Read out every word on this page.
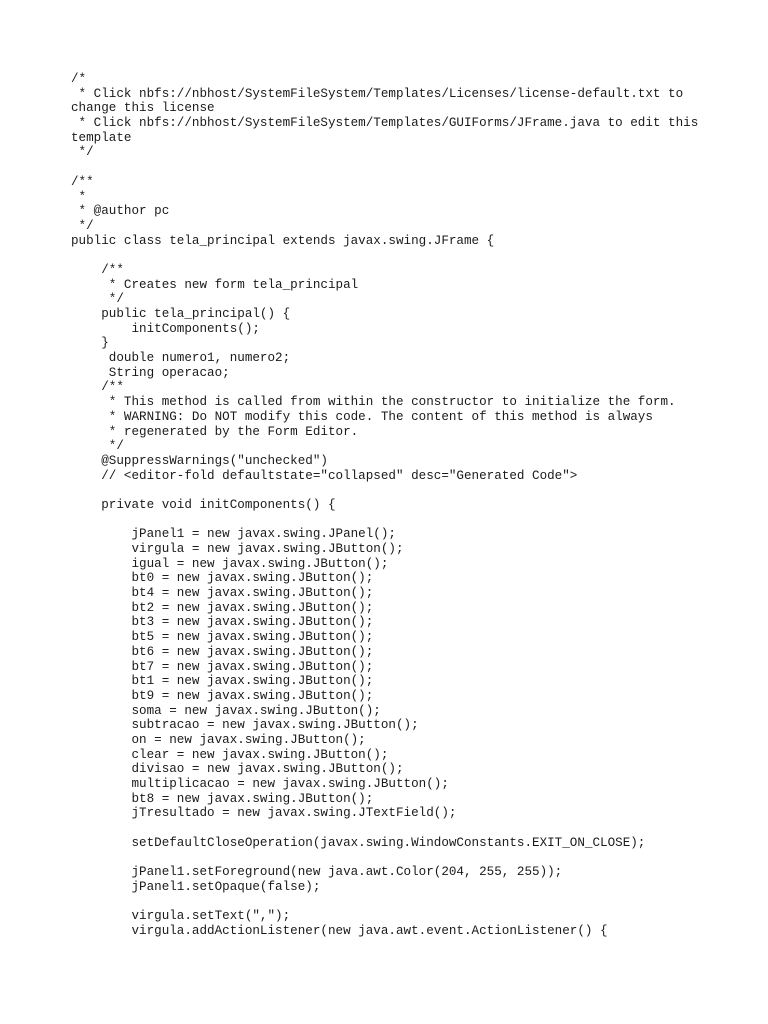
/*
* Click nbfs://nbhost/SystemFileSystem/Templates/Licenses/license-default.txt to
change this license
* Click nbfs://nbhost/SystemFileSystem/Templates/GUIForms/JFrame.java to edit this
template
*/
/**
*
* @author pc
*/
public class tela_principal extends javax.swing.JFrame {
/**
* Creates new form tela_principal
*/
public tela_principal() {
initComponents();
}
double numero1, numero2;
String operacao;
/**
* This method is called from within the constructor to initialize the form.
* WARNING: Do NOT modify this code. The content of this method is always
* regenerated by the Form Editor.
*/
@SuppressWarnings("unchecked")
// <editor-fold defaultstate="collapsed" desc="Generated Code">
private void initComponents() {
jPanel1 = new javax.swing.JPanel();
virgula = new javax.swing.JButton();
igual = new javax.swing.JButton();
bt0 = new javax.swing.JButton();
bt4 = new javax.swing.JButton();
bt2 = new javax.swing.JButton();
bt3 = new javax.swing.JButton();
bt5 = new javax.swing.JButton();
bt6 = new javax.swing.JButton();
bt7 = new javax.swing.JButton();
bt1 = new javax.swing.JButton();
bt9 = new javax.swing.JButton();
soma = new javax.swing.JButton();
subtracao = new javax.swing.JButton();
on = new javax.swing.JButton();
clear = new javax.swing.JButton();
divisao = new javax.swing.JButton();
multiplicacao = new javax.swing.JButton();
bt8 = new javax.swing.JButton();
jTresultado = new javax.swing.JTextField();
setDefaultCloseOperation(javax.swing.WindowConstants.EXIT_ON_CLOSE);
jPanel1.setForeground(new java.awt.Color(204, 255, 255));
jPanel1.setOpaque(false);
virgula.setText(",");
virgula.addActionListener(new java.awt.event.ActionListener() {
